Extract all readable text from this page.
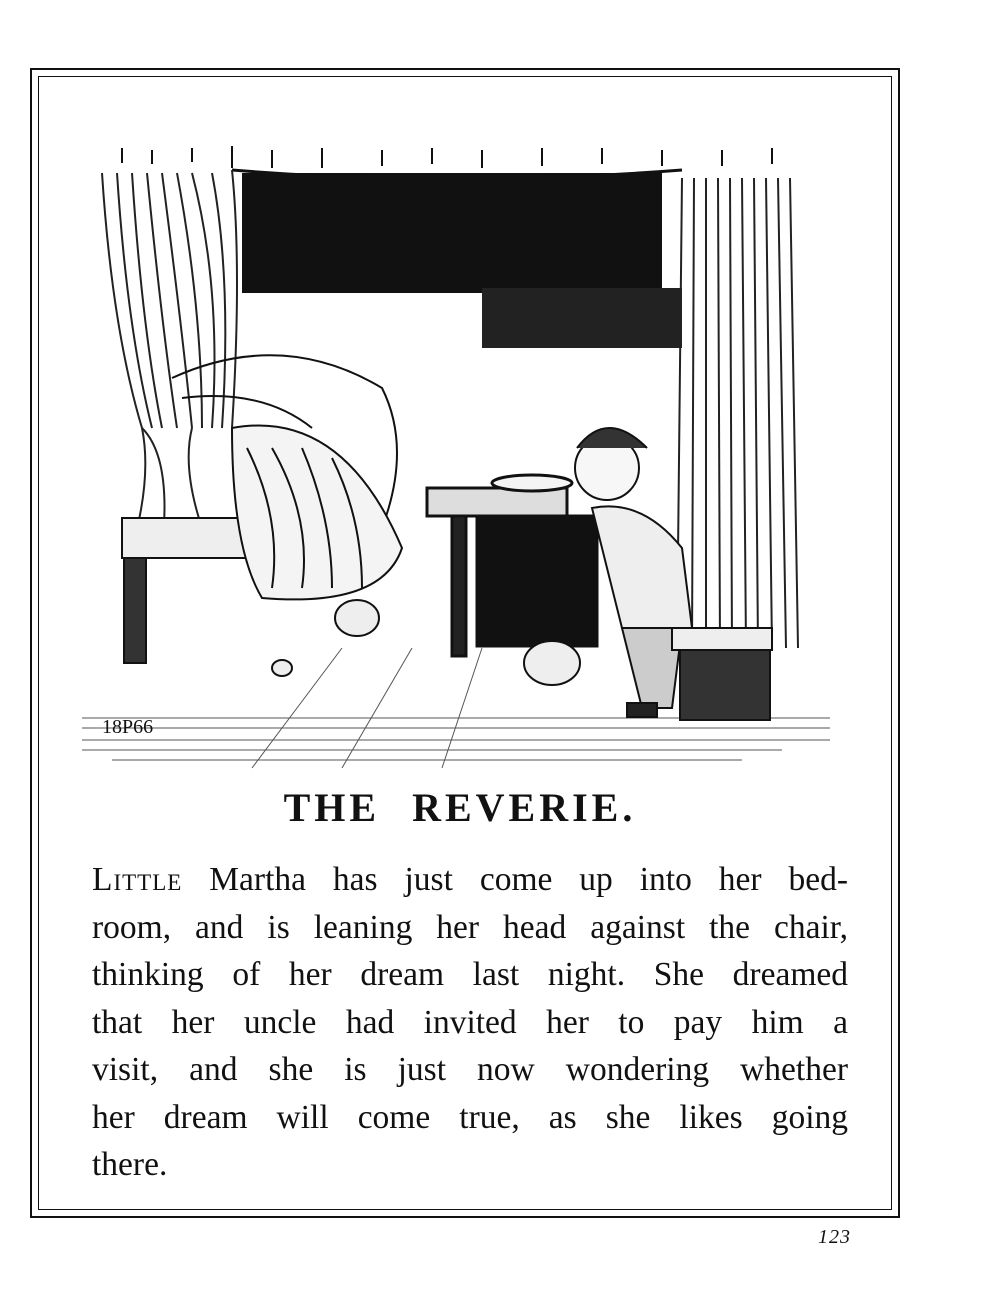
18P66
THE REVERIE.
Little Martha has just come up into her bed-
room, and is leaning her head against the chair,
thinking of her dream last night. She dreamed
that her uncle had invited her to pay him a
visit, and she is just now wondering whether
her dream will come true, as she likes going
there.
123
